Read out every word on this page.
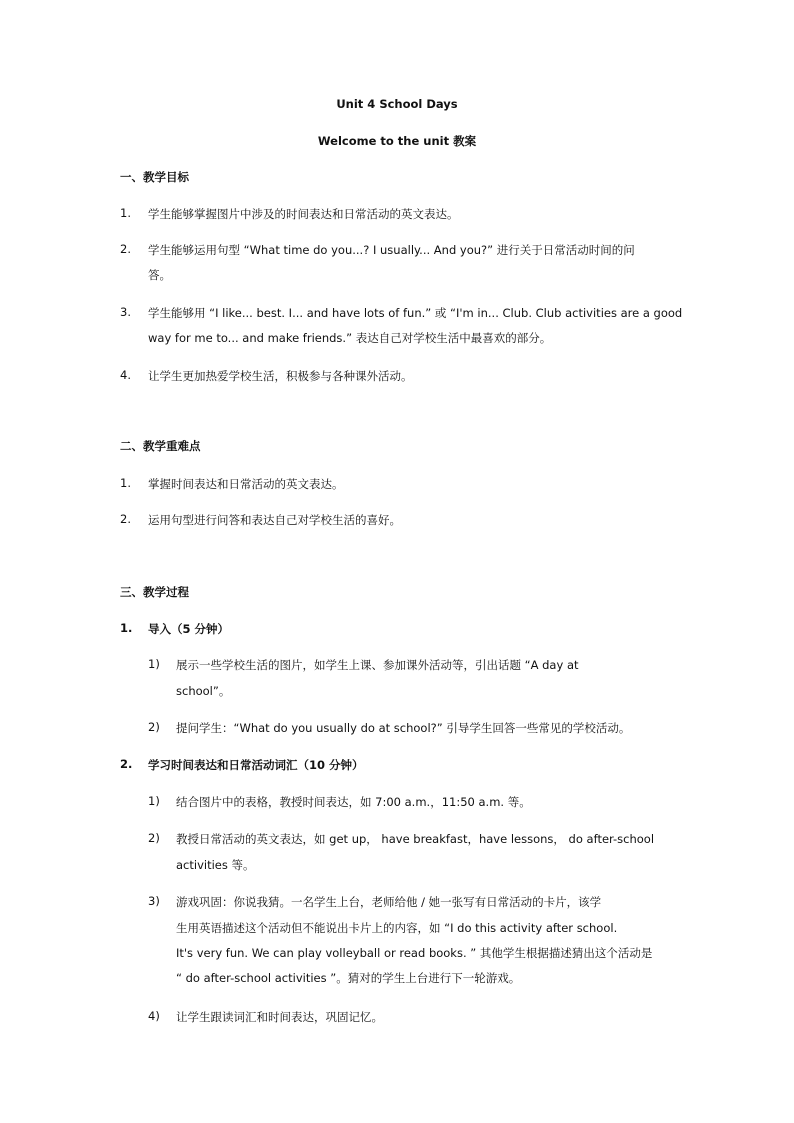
Unit 4 School Days
Welcome to the unit 教案
一、教学目标
1. 学生能够掌握图片中涉及的时间表达和日常活动的英文表达。
2. 学生能够运用句型 “What time do you...? I usually... And you?” 进行关于日常活动时间的问
答。
3. 学生能够用 “I like... best. I... and have lots of fun.” 或 “I'm in... Club. Club activities are a good
way for me to... and make friends.” 表达自己对学校生活中最喜欢的部分。
4. 让学生更加热爱学校生活，积极参与各种课外活动。
二、教学重难点
1. 掌握时间表达和日常活动的英文表达。
2. 运用句型进行问答和表达自己对学校生活的喜好。
三、教学过程
1. 导入（5 分钟）
1) 展示一些学校生活的图片，如学生上课、参加课外活动等，引出话题 “A day at
school”。
2) 提问学生：“What do you usually do at school?” 引导学生回答一些常见的学校活动。
2. 学习时间表达和日常活动词汇（10 分钟）
1) 结合图片中的表格，教授时间表达，如 7:00 a.m.，11:50 a.m. 等。
2) 教授日常活动的英文表达，如 get up， have breakfast，have lessons， do after-school
activities 等。
3) 游戏巩固：你说我猜。一名学生上台，老师给他 / 她一张写有日常活动的卡片，该学
生用英语描述这个活动但不能说出卡片上的内容，如 “I do this activity after school.
It's very fun. We can play volleyball or read books. ” 其他学生根据描述猜出这个活动是
“ do after-school activities ”。猜对的学生上台进行下一轮游戏。
4) 让学生跟读词汇和时间表达，巩固记忆。
